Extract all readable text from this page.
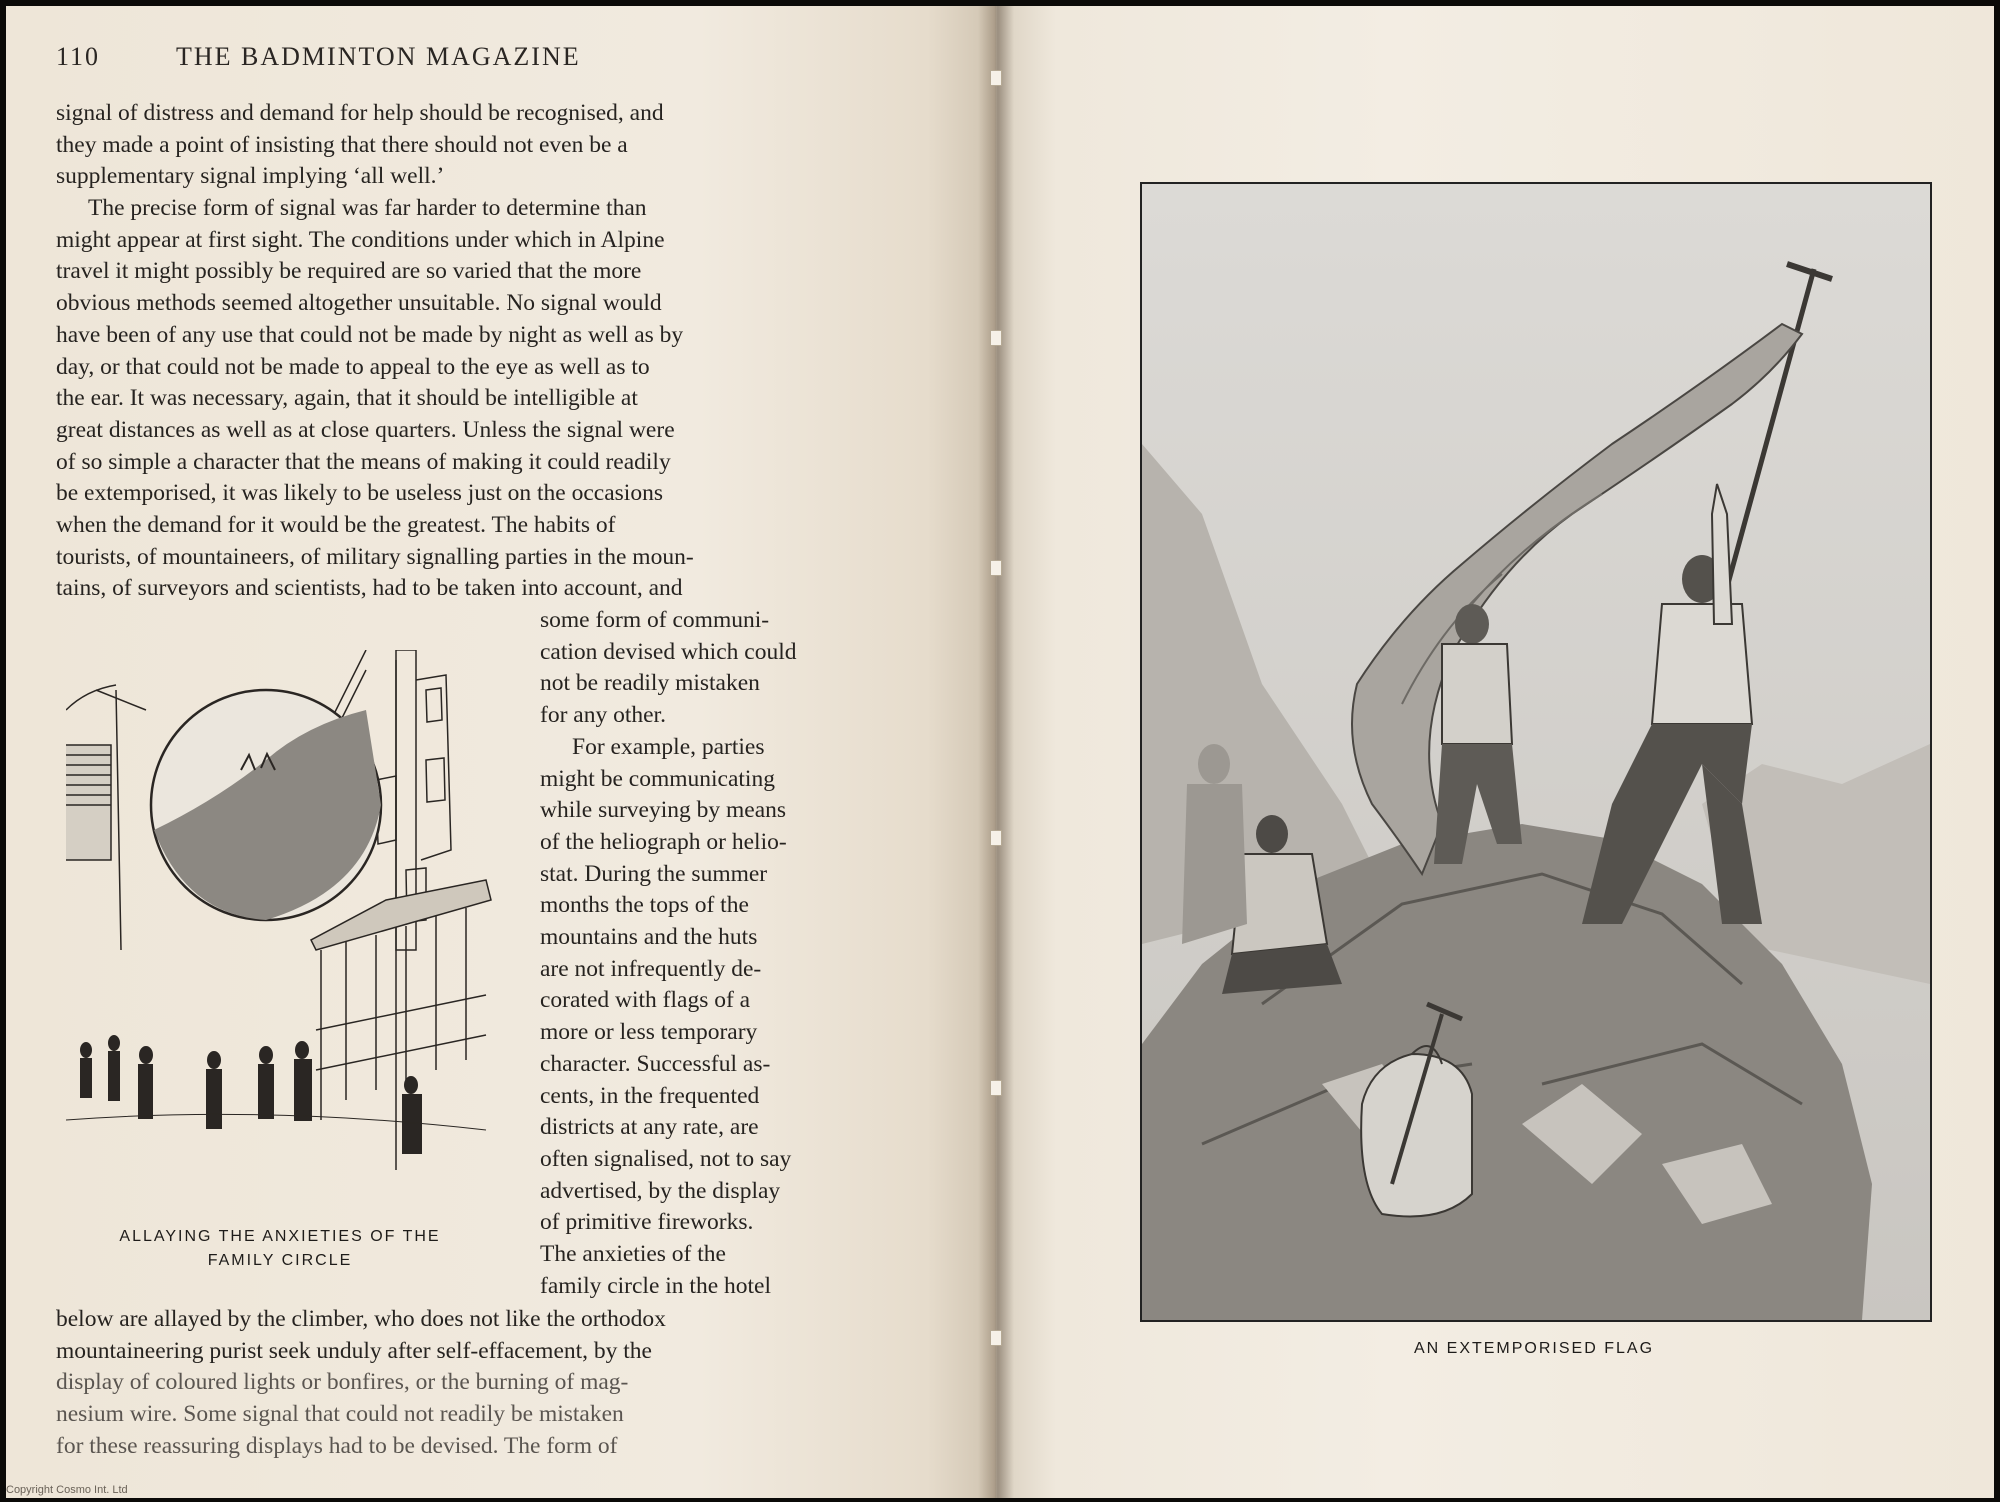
110	THE BADMINTON MAGAZINE

signal of distress and demand for help should be recognised, and

they made a point of insisting that there should not even be a

supplementary signal implying ‘all well.’

The precise form of signal was far harder to determine than

might appear at first sight. The conditions under which in Alpine

travel it might possibly be required are so varied that the more

obvious methods seemed altogether unsuitable. No signal would

have been of any use that could not be made by night as well as by

day, or that could not be made to appeal to the eye as well as to

the ear. It was necessary, again, that it should be intelligible at

great distances as well as at close quarters. Unless the signal were

of so simple a character that the means of making it could readily

be extemporised, it was likely to be useless just on the occasions

when the demand for it would be the greatest. The habits of

tourists, of mountaineers, of military signalling parties in the moun-

tains, of surveyors and scientists, had to be taken into account, and

some form of communi-

cation devised which could

not be readily mistaken

for any other.

For example, parties

might be communicating

while surveying by means

of the heliograph or helio-

stat. During the summer

months the tops of the

mountains and the huts

are not infrequently de-

corated with flags of a

more or less temporary

character. Successful as-

cents, in the frequented

districts at any rate, are

often signalised, not to say

advertised, by the display

of primitive fireworks.

The anxieties of the

family circle in the hotel

below are allayed by the climber, who does not like the orthodox

mountaineering purist seek unduly after self-effacement, by the

display of coloured lights or bonfires, or the burning of mag-

nesium wire. Some signal that could not readily be mistaken

for these reassuring displays had to be devised. The form of

ALLAYING THE ANXIETIES OF THE
FAMILY CIRCLE
AN EXTEMPORISED FLAG
Copyright Cosmo Int. Ltd
